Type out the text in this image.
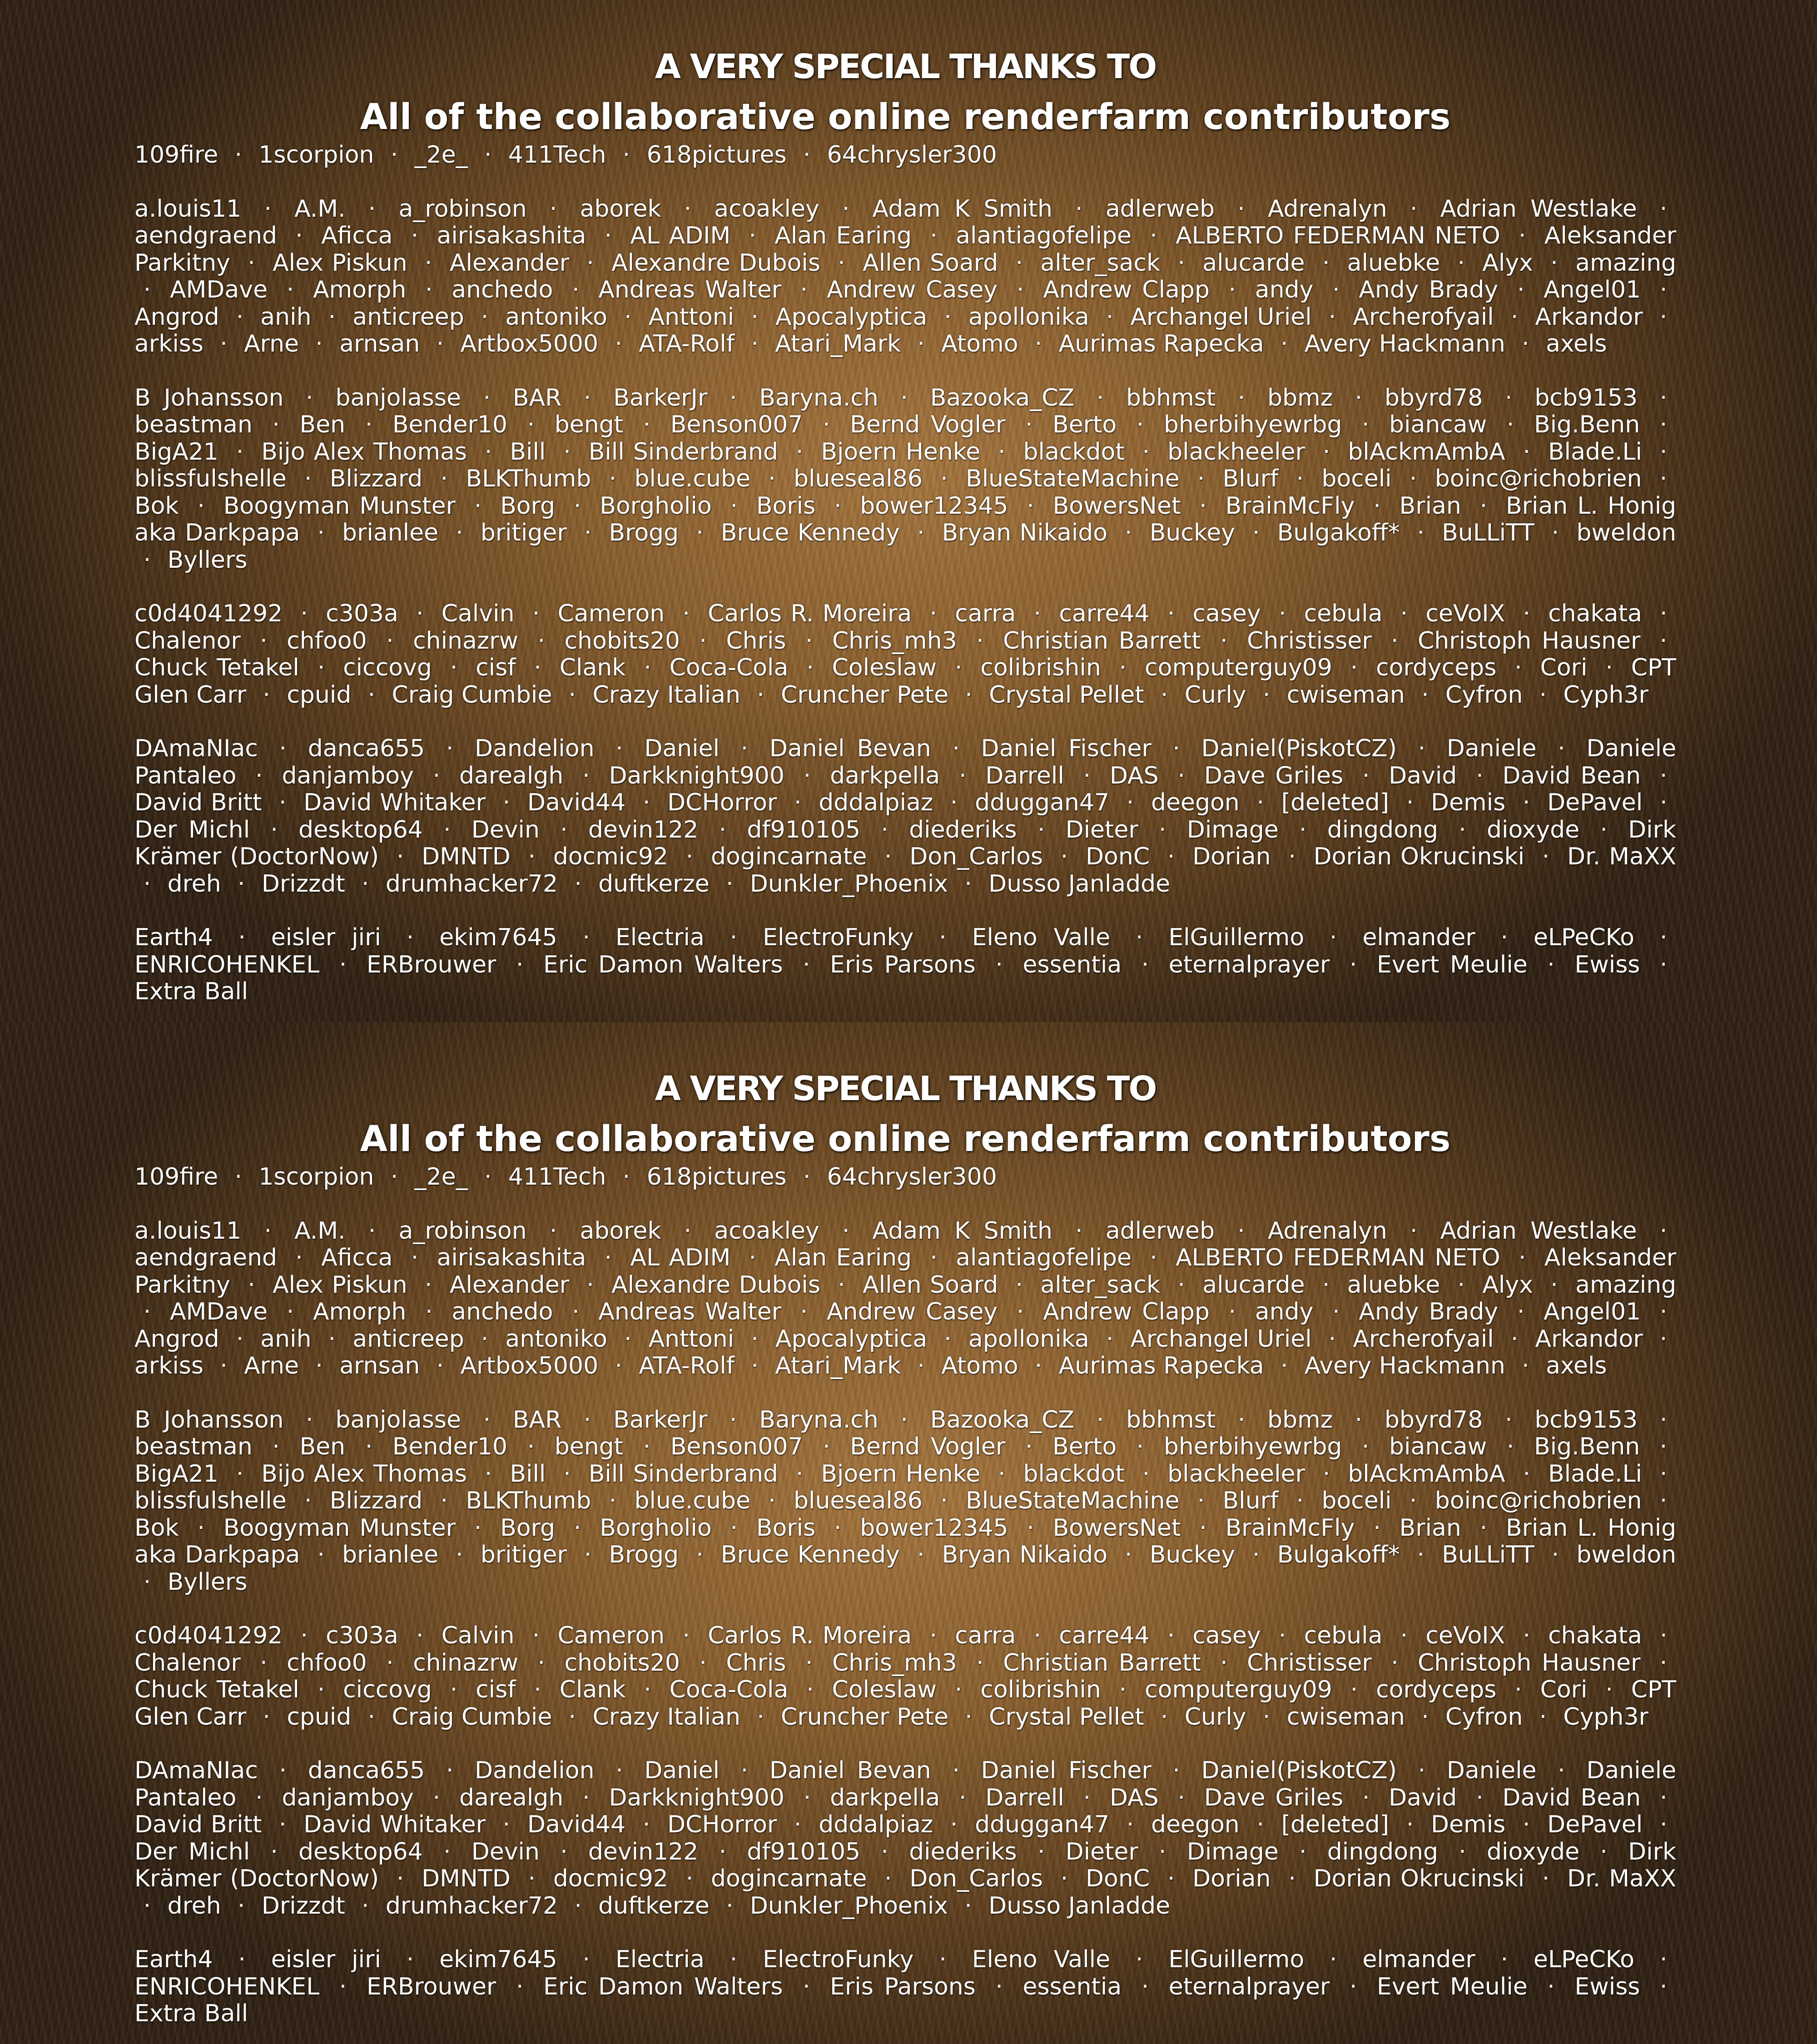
A VERY SPECIAL THANKS TO
All of the collaborative online renderfarm contributors
109fire · 1scorpion · _2e_ · 411Tech · 618pictures · 64chrysler300
a.louis11 · A.M. · a_robinson · aborek · acoakley · Adam K Smith · adlerweb · Adrenalyn · Adrian Westlake · aendgraend · Aficca · airisakashita · AL ADIM · Alan Earing · alantiagofelipe · ALBERTO FEDERMAN NETO · Aleksander Parkitny · Alex Piskun · Alexander · Alexandre Dubois · Allen Soard · alter_sack · alucarde · aluebke · Alyx · amazing · AMDave · Amorph · anchedo · Andreas Walter · Andrew Casey · Andrew Clapp · andy · Andy Brady · Angel01 · Angrod · anih · anticreep · antoniko · Anttoni · Apocalyptica · apollonika · Archangel Uriel · Archerofyail · Arkandor · arkiss · Arne · arnsan · Artbox5000 · ATA-Rolf · Atari_Mark · Atomo · Aurimas Rapecka · Avery Hackmann · axels
B Johansson · banjolasse · BAR · BarkerJr · Baryna.ch · Bazooka_CZ · bbhmst · bbmz · bbyrd78 · bcb9153 · beastman · Ben · Bender10 · bengt · Benson007 · Bernd Vogler · Berto · bherbihyewrbg · biancaw · Big.Benn · BigA21 · Bijo Alex Thomas · Bill · Bill Sinderbrand · Bjoern Henke · blackdot · blackheeler · blAckmAmbA · Blade.Li · blissfulshelle · Blizzard · BLKThumb · blue.cube · blueseal86 · BlueStateMachine · Blurf · boceli · boinc@richobrien · Bok · Boogyman Munster · Borg · Borgholio · Boris · bower12345 · BowersNet · BrainMcFly · Brian · Brian L. Honig aka Darkpapa · brianlee · britiger · Brogg · Bruce Kennedy · Bryan Nikaido · Buckey · Bulgakoff* · BuLLiTT · bweldon · Byllers
c0d4041292 · c303a · Calvin · Cameron · Carlos R. Moreira · carra · carre44 · casey · cebula · ceVoIX · chakata · Chalenor · chfoo0 · chinazrw · chobits20 · Chris · Chris_mh3 · Christian Barrett · Christisser · Christoph Hausner · Chuck Tetakel · ciccovg · cisf · Clank · Coca-Cola · Coleslaw · colibrishin · computerguy09 · cordyceps · Cori · CPT Glen Carr · cpuid · Craig Cumbie · Crazy Italian · Cruncher Pete · Crystal Pellet · Curly · cwiseman · Cyfron · Cyph3r
DAmaNIac · danca655 · Dandelion · Daniel · Daniel Bevan · Daniel Fischer · Daniel(PiskotCZ) · Daniele · Daniele Pantaleo · danjamboy · darealgh · Darkknight900 · darkpella · Darrell · DAS · Dave Griles · David · David Bean · David Britt · David Whitaker · David44 · DCHorror · dddalpiaz · dduggan47 · deegon · [deleted] · Demis · DePavel · Der Michl · desktop64 · Devin · devin122 · df910105 · diederiks · Dieter · Dimage · dingdong · dioxyde · Dirk Krämer (DoctorNow) · DMNTD · docmic92 · dogincarnate · Don_Carlos · DonC · Dorian · Dorian Okrucinski · Dr. MaXX · dreh · Drizzdt · drumhacker72 · duftkerze · Dunkler_Phoenix · Dusso Janladde
Earth4 · eisler jiri · ekim7645 · Electria · ElectroFunky · Eleno Valle · ElGuillermo · elmander · eLPeCKo · ENRICOHENKEL · ERBrouwer · Eric Damon Walters · Eris Parsons · essentia · eternalprayer · Evert Meulie · Ewiss · Extra Ball
A VERY SPECIAL THANKS TO
All of the collaborative online renderfarm contributors
109fire · 1scorpion · _2e_ · 411Tech · 618pictures · 64chrysler300
a.louis11 · A.M. · a_robinson · aborek · acoakley · Adam K Smith · adlerweb · Adrenalyn · Adrian Westlake · aendgraend · Aficca · airisakashita · AL ADIM · Alan Earing · alantiagofelipe · ALBERTO FEDERMAN NETO · Aleksander Parkitny · Alex Piskun · Alexander · Alexandre Dubois · Allen Soard · alter_sack · alucarde · aluebke · Alyx · amazing · AMDave · Amorph · anchedo · Andreas Walter · Andrew Casey · Andrew Clapp · andy · Andy Brady · Angel01 · Angrod · anih · anticreep · antoniko · Anttoni · Apocalyptica · apollonika · Archangel Uriel · Archerofyail · Arkandor · arkiss · Arne · arnsan · Artbox5000 · ATA-Rolf · Atari_Mark · Atomo · Aurimas Rapecka · Avery Hackmann · axels
B Johansson · banjolasse · BAR · BarkerJr · Baryna.ch · Bazooka_CZ · bbhmst · bbmz · bbyrd78 · bcb9153 · beastman · Ben · Bender10 · bengt · Benson007 · Bernd Vogler · Berto · bherbihyewrbg · biancaw · Big.Benn · BigA21 · Bijo Alex Thomas · Bill · Bill Sinderbrand · Bjoern Henke · blackdot · blackheeler · blAckmAmbA · Blade.Li · blissfulshelle · Blizzard · BLKThumb · blue.cube · blueseal86 · BlueStateMachine · Blurf · boceli · boinc@richobrien · Bok · Boogyman Munster · Borg · Borgholio · Boris · bower12345 · BowersNet · BrainMcFly · Brian · Brian L. Honig aka Darkpapa · brianlee · britiger · Brogg · Bruce Kennedy · Bryan Nikaido · Buckey · Bulgakoff* · BuLLiTT · bweldon · Byllers
c0d4041292 · c303a · Calvin · Cameron · Carlos R. Moreira · carra · carre44 · casey · cebula · ceVoIX · chakata · Chalenor · chfoo0 · chinazrw · chobits20 · Chris · Chris_mh3 · Christian Barrett · Christisser · Christoph Hausner · Chuck Tetakel · ciccovg · cisf · Clank · Coca-Cola · Coleslaw · colibrishin · computerguy09 · cordyceps · Cori · CPT Glen Carr · cpuid · Craig Cumbie · Crazy Italian · Cruncher Pete · Crystal Pellet · Curly · cwiseman · Cyfron · Cyph3r
DAmaNIac · danca655 · Dandelion · Daniel · Daniel Bevan · Daniel Fischer · Daniel(PiskotCZ) · Daniele · Daniele Pantaleo · danjamboy · darealgh · Darkknight900 · darkpella · Darrell · DAS · Dave Griles · David · David Bean · David Britt · David Whitaker · David44 · DCHorror · dddalpiaz · dduggan47 · deegon · [deleted] · Demis · DePavel · Der Michl · desktop64 · Devin · devin122 · df910105 · diederiks · Dieter · Dimage · dingdong · dioxyde · Dirk Krämer (DoctorNow) · DMNTD · docmic92 · dogincarnate · Don_Carlos · DonC · Dorian · Dorian Okrucinski · Dr. MaXX · dreh · Drizzdt · drumhacker72 · duftkerze · Dunkler_Phoenix · Dusso Janladde
Earth4 · eisler jiri · ekim7645 · Electria · ElectroFunky · Eleno Valle · ElGuillermo · elmander · eLPeCKo · ENRICOHENKEL · ERBrouwer · Eric Damon Walters · Eris Parsons · essentia · eternalprayer · Evert Meulie · Ewiss · Extra Ball
